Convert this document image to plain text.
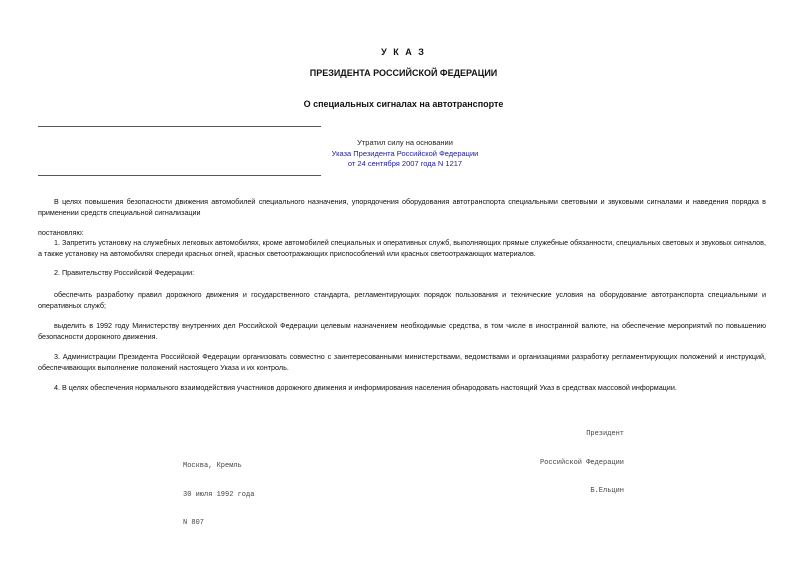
У К А З
ПРЕЗИДЕНТА РОССИЙСКОЙ ФЕДЕРАЦИИ
О специальных сигналах на автотранспорте
Утратил силу на основании
Указа Президента Российской Федерации
от 24 сентября 2007 года N 1217
В целях повышения безопасности движения автомобилей специального назначения, упорядочения оборудования автотранспорта специальными световыми и звуковыми сигналами и наведения порядка в применении средств специальной сигнализации
постановляю:
1. Запретить установку на служебных легковых автомобилях, кроме автомобилей специальных и оперативных служб, выполняющих прямые служебные обязанности, специальных световых и звуковых сигналов, а также установку на автомобилях спереди красных огней, красных светоотражающих приспособлений или красных светоотражающих материалов.
2. Правительству Российской Федерации:
обеспечить разработку правил дорожного движения и государственного стандарта, регламентирующих порядок пользования и технические условия на оборудование автотранспорта специальными и оперативных служб;
выделить в 1992 году Министерству внутренних дел Российской Федерации целевым назначением необходимые средства, в том числе в иностранной валюте, на обеспечение мероприятий по повышению безопасности дорожного движения.
3. Администрации Президента Российской Федерации организовать совместно с заинтересованными министерствами, ведомствами и организациями разработку регламентирующих положений и инструкций, обеспечивающих выполнение положений настоящего Указа и их контроль.
4. В целях обеспечения нормального взаимодействия участников дорожного движения и информирования населения обнародовать настоящий Указ в средствах массовой информации.

Президент

Российской Федерации

Б.Ельцин

Москва, Кремль

30 июля 1992 года

N 807
